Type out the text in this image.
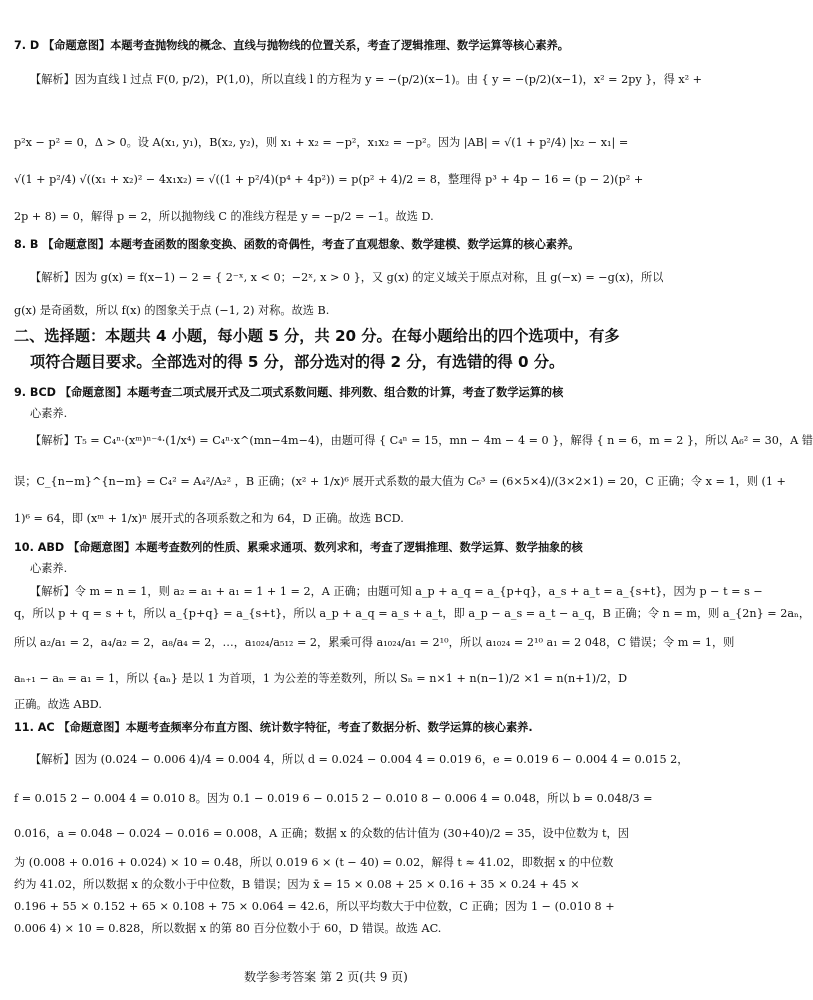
7. D 【命题意图】本题考查抛物线的概念、直线与抛物线的位置关系，考查了逻辑推理、数学运算等核心素养。
【解析】因为直线 l 过点 F(0, p/2)，P(1,0)，所以直线 l 的方程为 y = −(p/2)(x−1)。由 { y = −(p/2)(x−1)，x² = 2py }，得 x² +
p²x − p² = 0，Δ > 0。设 A(x₁, y₁)，B(x₂, y₂)，则 x₁ + x₂ = −p²，x₁x₂ = −p²。因为 |AB| = √(1 + p²/4) |x₂ − x₁| =
√(1 + p²/4) √((x₁ + x₂)² − 4x₁x₂) = √((1 + p²/4)(p⁴ + 4p²)) = p(p² + 4)/2 = 8，整理得 p³ + 4p − 16 = (p − 2)(p² +
2p + 8) = 0，解得 p = 2，所以抛物线 C 的准线方程是 y = −p/2 = −1。故选 D.
8. B 【命题意图】本题考查函数的图象变换、函数的奇偶性，考查了直观想象、数学建模、数学运算的核心素养。
【解析】因为 g(x) = f(x−1) − 2 = { 2⁻ˣ, x < 0；−2ˣ, x > 0 }，又 g(x) 的定义域关于原点对称，且 g(−x) = −g(x)，所以
g(x) 是奇函数，所以 f(x) 的图象关于点 (−1, 2) 对称。故选 B.
二、选择题：本题共 4 小题，每小题 5 分，共 20 分。在每小题给出的四个选项中，有多
项符合题目要求。全部选对的得 5 分，部分选对的得 2 分，有选错的得 0 分。
9. BCD 【命题意图】本题考查二项式展开式及二项式系数问题、排列数、组合数的计算，考查了数学运算的核
心素养.
【解析】T₅ = C₄ⁿ·(xᵐ)ⁿ⁻⁴·(1/x⁴) = C₄ⁿ·x^(mn−4m−4)，由题可得 { C₄ⁿ = 15，mn − 4m − 4 = 0 }，解得 { n = 6，m = 2 }，所以 A₆² = 30，A 错
误；C_{n−m}^{n−m} = C₄² = A₄²/A₂² ，B 正确；(x² + 1/x)⁶ 展开式系数的最大值为 C₆³ = (6×5×4)/(3×2×1) = 20，C 正确；令 x = 1，则 (1 +
1)⁶ = 64，即 (xᵐ + 1/x)ⁿ 展开式的各项系数之和为 64，D 正确。故选 BCD.
10. ABD 【命题意图】本题考查数列的性质、累乘求通项、数列求和，考查了逻辑推理、数学运算、数学抽象的核
心素养.
【解析】令 m = n = 1，则 a₂ = a₁ + a₁ = 1 + 1 = 2，A 正确；由题可知 a_p + a_q = a_{p+q}，a_s + a_t = a_{s+t}，因为 p − t = s −
q，所以 p + q = s + t，所以 a_{p+q} = a_{s+t}，所以 a_p + a_q = a_s + a_t，即 a_p − a_s = a_t − a_q，B 正确；令 n = m，则 a_{2n} = 2aₙ，
所以 a₂/a₁ = 2，a₄/a₂ = 2，a₈/a₄ = 2，…，a₁₀₂₄/a₅₁₂ = 2，累乘可得 a₁₀₂₄/a₁ = 2¹⁰，所以 a₁₀₂₄ = 2¹⁰ a₁ = 2 048，C 错误；令 m = 1，则
aₙ₊₁ − aₙ = a₁ = 1，所以 {aₙ} 是以 1 为首项，1 为公差的等差数列，所以 Sₙ = n×1 + n(n−1)/2 ×1 = n(n+1)/2，D
正确。故选 ABD.
11. AC 【命题意图】本题考查频率分布直方图、统计数字特征，考查了数据分析、数学运算的核心素养.
【解析】因为 (0.024 − 0.006 4)/4 = 0.004 4，所以 d = 0.024 − 0.004 4 = 0.019 6，e = 0.019 6 − 0.004 4 = 0.015 2，
f = 0.015 2 − 0.004 4 = 0.010 8。因为 0.1 − 0.019 6 − 0.015 2 − 0.010 8 − 0.006 4 = 0.048，所以 b = 0.048/3 =
0.016，a = 0.048 − 0.024 − 0.016 = 0.008，A 正确；数据 x 的众数的估计值为 (30+40)/2 = 35，设中位数为 t，因
为 (0.008 + 0.016 + 0.024) × 10 = 0.48，所以 0.019 6 × (t − 40) = 0.02，解得 t ≈ 41.02，即数据 x 的中位数
约为 41.02，所以数据 x 的众数小于中位数，B 错误；因为 x̄ = 15 × 0.08 + 25 × 0.16 + 35 × 0.24 + 45 ×
0.196 + 55 × 0.152 + 65 × 0.108 + 75 × 0.064 = 42.6，所以平均数大于中位数，C 正确；因为 1 − (0.010 8 +
0.006 4) × 10 = 0.828，所以数据 x 的第 80 百分位数小于 60，D 错误。故选 AC.
数学参考答案 第 2 页(共 9 页)
